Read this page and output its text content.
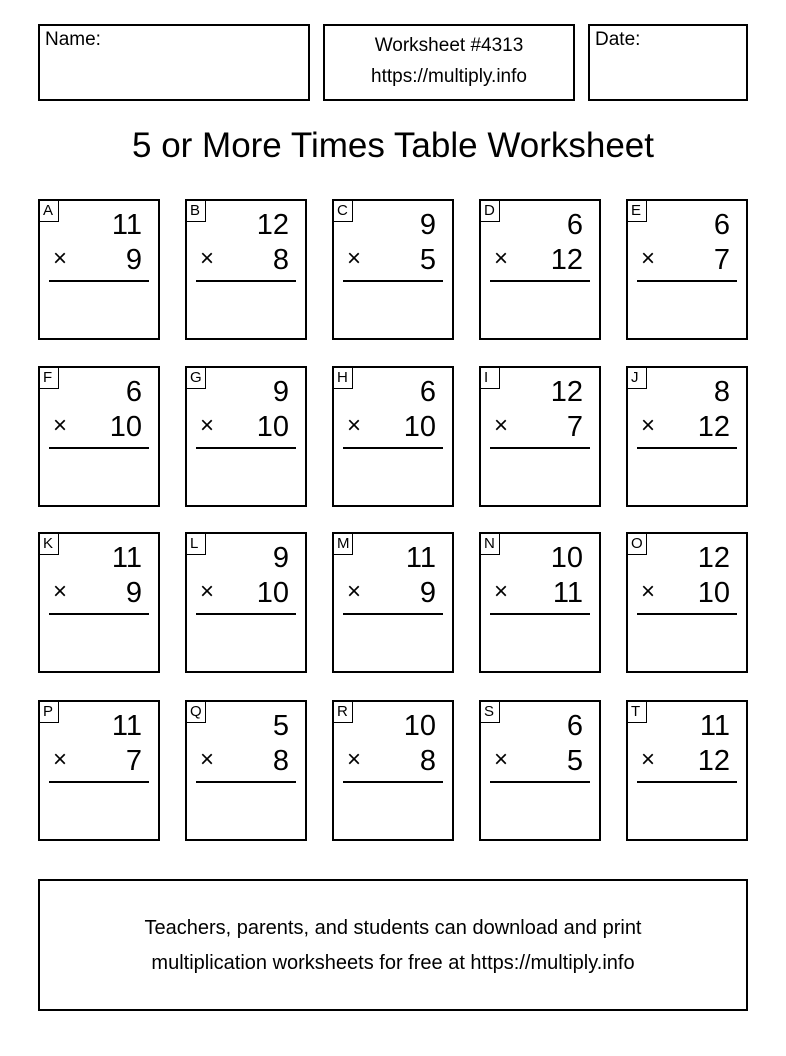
Name:	Worksheet #4313
https://multiply.info
Date:
5 or More Times Table Worksheet
A 11
× 9
B 12
× 8
C 9
× 5
D 6
× 12
E	6
× 7
F	6
× 10
G 9
× 10
H 6
× 10
I	12
× 7
J	8
× 12
K 11
× 9
L	9
× 10
M 11
× 9
N 10
× 11
O 12
× 10
P 11
× 7
Q 5
× 8
R 10
× 8
S	6
× 5
T 11
× 12
Teachers, parents, and students can download and print
multiplication worksheets for free at https://multiply.info
